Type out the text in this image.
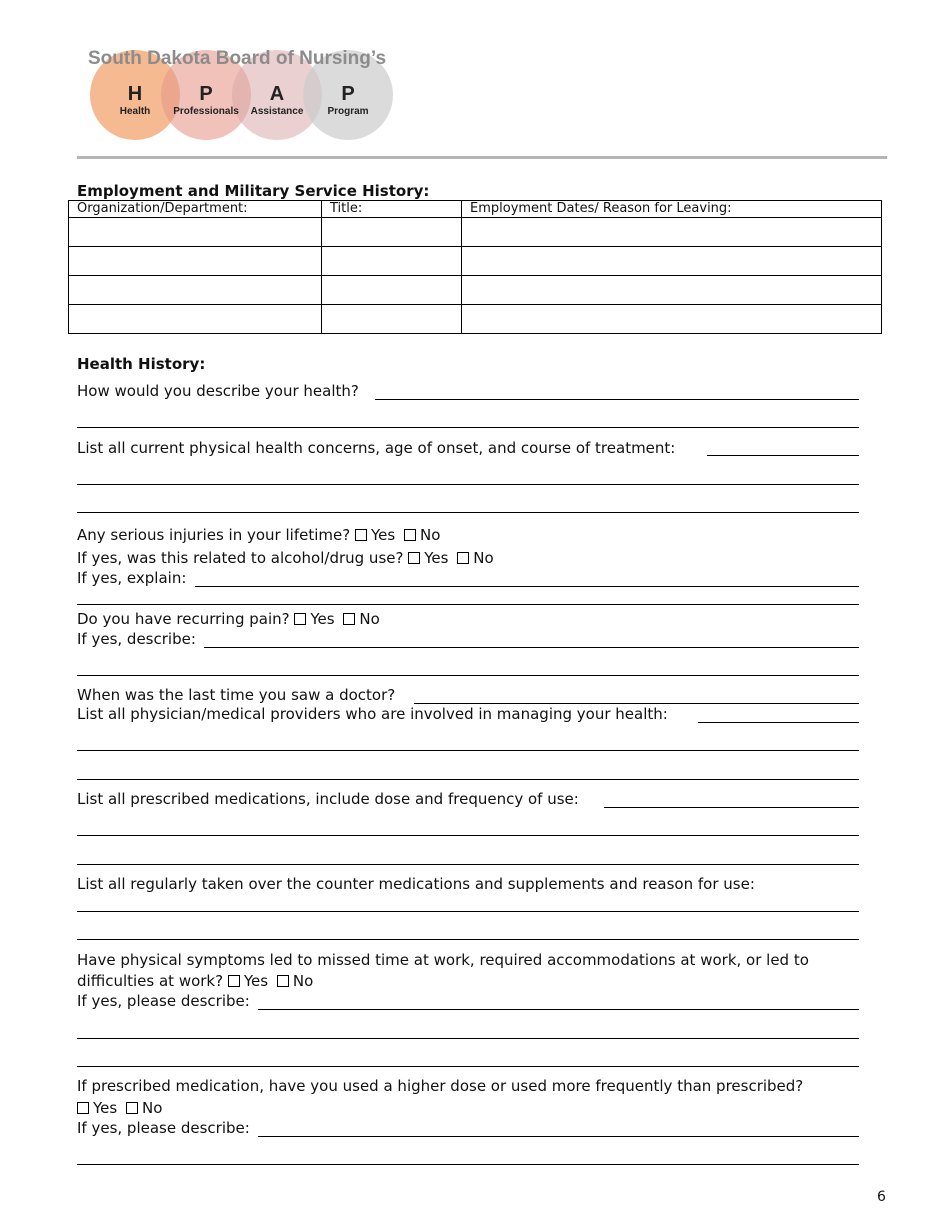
H
Health
P
Professionals
A
Assistance
P
Program
South Dakota Board of Nursing’s
Employment and Military Service History:
Organization/Department:	Title:	Employment Dates/ Reason for Leaving:

Health History:
How would you describe your health?
List all current physical health concerns, age of onset, and course of treatment:
Any serious injuries in your lifetime? Yes No
If yes, was this related to alcohol/drug use? Yes No
If yes, explain:
Do you have recurring pain? Yes No
If yes, describe:
When was the last time you saw a doctor?
List all physician/medical providers who are involved in managing your health:
List all prescribed medications, include dose and frequency of use:
List all regularly taken over the counter medications and supplements and reason for use:
Have physical symptoms led to missed time at work, required accommodations at work, or led to
difficulties at work? Yes No
If yes, please describe:
If prescribed medication, have you used a higher dose or used more frequently than prescribed?
Yes No
If yes, please describe:
6
